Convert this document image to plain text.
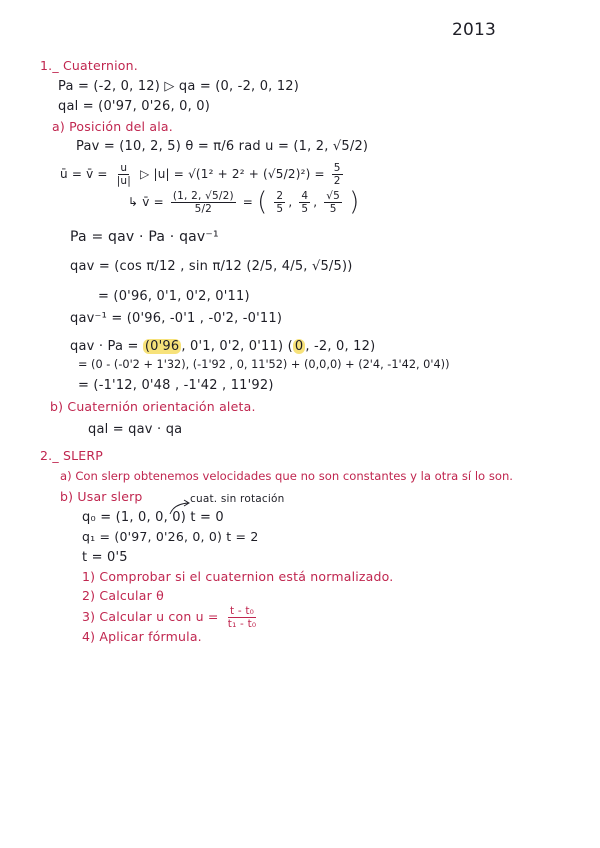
2013
1._ Cuaternion.
Pa = (-2, 0, 12) ▷ qa = (0, -2, 0, 12)
qal = (0'97, 0'26, 0, 0)
a) Posición del ala.
Pav = (10, 2, 5) θ = π/6 rad u = (1, 2, √5/2)
ū = v̄ = $\frac{u}{|u|}$ ▷ $|u| = √(1^2 + 2^2 + (√5/2)^2) = \frac{5}{2}$
↳ v̄ = $\frac{(1, 2, √5/2)}{5/2}$ = ( $\frac{2}{5}$ , $\frac{4}{5}$ , $\frac{√5}{5}$ )
Pa = qav · Pa · qav⁻¹
qav = (cos π/12 , sin π/12 (2/5, 4/5, √5/5))
= (0'96, 0'1, 0'2, 0'11)
qav⁻¹ = (0'96, -0'1 , -0'2, -0'11)
qav · Pa = (0'96 , 0'1, 0'2, 0'11) ( 0 , -2, 0, 12)
= (0 - (-0'2 + 1'32), (-1'92 , 0, 11'52) + (0,0,0) + (2'4, -1'42, 0'4))
= (-1'12, 0'48 , -1'42 , 11'92)
b) Cuaternión orientación aleta.
qal = qav · qa
2._ SLERP
a) Con slerp obtenemos velocidades que no son constantes y la otra sí lo son.
b) Usar slerp	cuat. sin rotación
q₀ = (1, 0, 0, 0) t = 0
q₁ = (0'97, 0'26, 0, 0) t = 2
t = 0'5
1) Comprobar si el cuaternion está normalizado.
2) Calcular θ
3) Calcular u con $u = \frac{\text{t - t₀}}{\text{t₁ - t₀}}$
4) Aplicar fórmula.
